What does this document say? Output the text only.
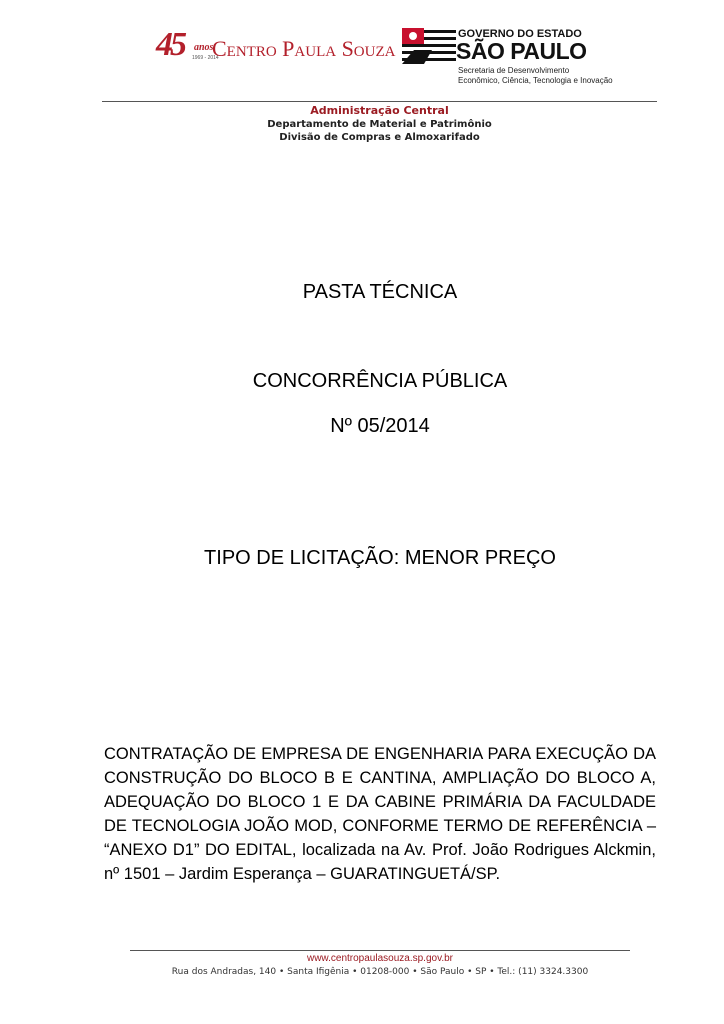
45 anos
1969 - 2014
Centro Paula Souza
GOVERNO DO ESTADO
SÃO PAULO
Secretaria de Desenvolvimento
Econômico, Ciência, Tecnologia e Inovação
Administração Central
Departamento de Material e Patrimônio
Divisão de Compras e Almoxarifado
PASTA TÉCNICA
CONCORRÊNCIA PÚBLICA
Nº 05/2014
TIPO DE LICITAÇÃO: MENOR PREÇO
CONTRATAÇÃO DE EMPRESA DE ENGENHARIA PARA EXECUÇÃO DA CONSTRUÇÃO DO BLOCO B E CANTINA, AMPLIAÇÃO DO BLOCO A, ADEQUAÇÃO DO BLOCO 1 E DA CABINE PRIMÁRIA DA FACULDADE DE TECNOLOGIA JOÃO MOD, CONFORME TERMO DE REFERÊNCIA – “ANEXO D1” DO EDITAL, localizada na Av. Prof. João Rodrigues Alckmin, nº 1501 – Jardim Esperança – GUARATINGUETÁ/SP.
www.centropaulasouza.sp.gov.br
Rua dos Andradas, 140 • Santa Ifigênia • 01208-000 • São Paulo • SP • Tel.: (11) 3324.3300
